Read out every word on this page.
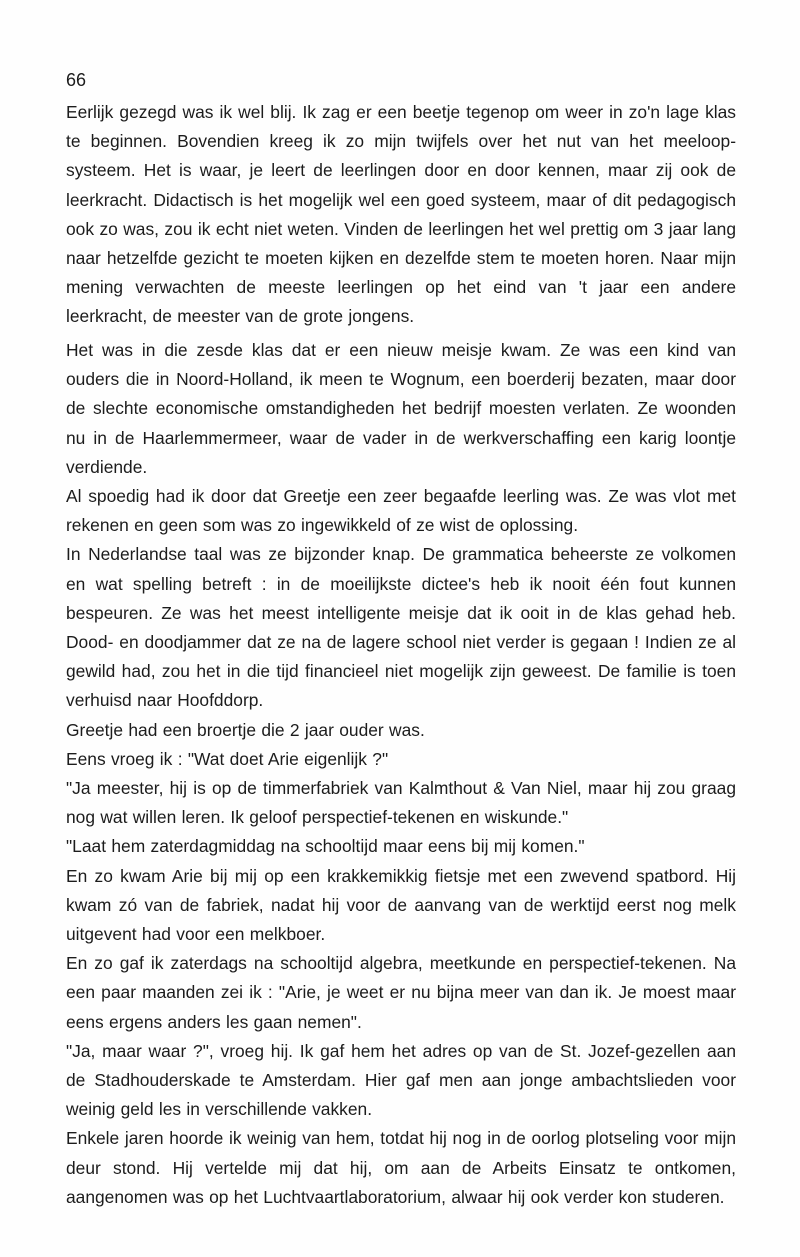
66

Eerlijk gezegd was ik wel blij. Ik zag er een beetje tegenop om weer in zo'n lage klas te beginnen. Bovendien kreeg ik zo mijn twijfels over het nut van het meeloop-systeem. Het is waar, je leert de leerlingen door en door kennen, maar zij ook de leerkracht. Didactisch is het mogelijk wel een goed systeem, maar of dit pedagogisch ook zo was, zou ik echt niet weten. Vinden de leerlingen het wel prettig om 3 jaar lang naar hetzelfde gezicht te moeten kijken en dezelfde stem te moeten horen. Naar mijn mening verwachten de meeste leerlingen op het eind van 't jaar een andere leerkracht, de meester van de grote jongens.

Het was in die zesde klas dat er een nieuw meisje kwam. Ze was een kind van ouders die in Noord-Holland, ik meen te Wognum, een boerderij bezaten, maar door de slechte economische omstandigheden het bedrijf moesten verlaten. Ze woonden nu in de Haarlemmermeer, waar de vader in de werkverschaffing een karig loontje verdiende.

Al spoedig had ik door dat Greetje een zeer begaafde leerling was. Ze was vlot met rekenen en geen som was zo ingewikkeld of ze wist de oplossing.

In Nederlandse taal was ze bijzonder knap. De grammatica beheerste ze volkomen en wat spelling betreft : in de moeilijkste dictee's heb ik nooit één fout kunnen bespeuren. Ze was het meest intelligente meisje dat ik ooit in de klas gehad heb. Dood- en doodjammer dat ze na de lagere school niet verder is gegaan ! Indien ze al gewild had, zou het in die tijd financieel niet mogelijk zijn geweest. De familie is toen verhuisd naar Hoofddorp.

Greetje had een broertje die 2 jaar ouder was.

Eens vroeg ik : "Wat doet Arie eigenlijk ?"

"Ja meester, hij is op de timmerfabriek van Kalmthout & Van Niel, maar hij zou graag nog wat willen leren. Ik geloof perspectief-tekenen en wiskunde."

"Laat hem zaterdagmiddag na schooltijd maar eens bij mij komen."

En zo kwam Arie bij mij op een krakkemikkig fietsje met een zwevend spatbord. Hij kwam zó van de fabriek, nadat hij voor de aanvang van de werktijd eerst nog melk uitgevent had voor een melkboer.

En zo gaf ik zaterdags na schooltijd algebra, meetkunde en perspectief-tekenen. Na een paar maanden zei ik : "Arie, je weet er nu bijna meer van dan ik. Je moest maar eens ergens anders les gaan nemen".

"Ja, maar waar ?", vroeg hij. Ik gaf hem het adres op van de St. Jozef-gezellen aan de Stadhouderskade te Amsterdam. Hier gaf men aan jonge ambachtslieden voor weinig geld les in verschillende vakken.

Enkele jaren hoorde ik weinig van hem, totdat hij nog in de oorlog plotseling voor mijn deur stond. Hij vertelde mij dat hij, om aan de Arbeits Einsatz te ontkomen, aangenomen was op het Luchtvaartlaboratorium, alwaar hij ook verder kon studeren.
